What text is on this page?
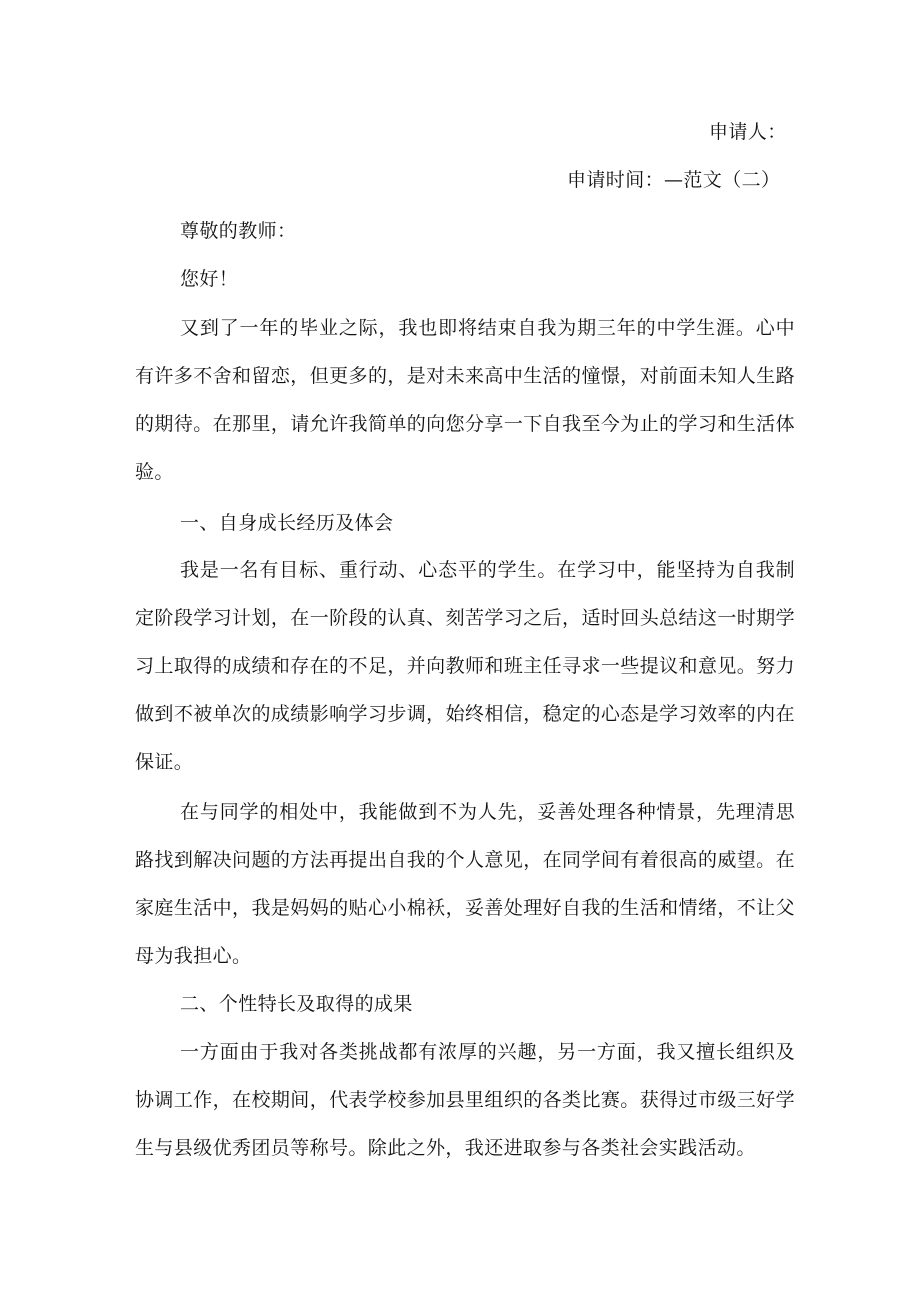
申请人：
申请时间：—范文（二）
尊敬的教师：
您好！

又到了一年的毕业之际，我也即将结束自我为期三年的中学生涯。心中有许多不舍和留恋，但更多的，是对未来高中生活的憧憬，对前面未知人生路的期待。在那里，请允许我简单的向您分享一下自我至今为止的学习和生活体验。

一、自身成长经历及体会

我是一名有目标、重行动、心态平的学生。在学习中，能坚持为自我制定阶段学习计划，在一阶段的认真、刻苦学习之后，适时回头总结这一时期学习上取得的成绩和存在的不足，并向教师和班主任寻求一些提议和意见。努力做到不被单次的成绩影响学习步调，始终相信，稳定的心态是学习效率的内在保证。

在与同学的相处中，我能做到不为人先，妥善处理各种情景，先理清思路找到解决问题的方法再提出自我的个人意见，在同学间有着很高的威望。在家庭生活中，我是妈妈的贴心小棉袄，妥善处理好自我的生活和情绪，不让父母为我担心。

二、个性特长及取得的成果

一方面由于我对各类挑战都有浓厚的兴趣，另一方面，我又擅长组织及协调工作，在校期间，代表学校参加县里组织的各类比赛。获得过市级三好学生与县级优秀团员等称号。除此之外，我还进取参与各类社会实践活动。
